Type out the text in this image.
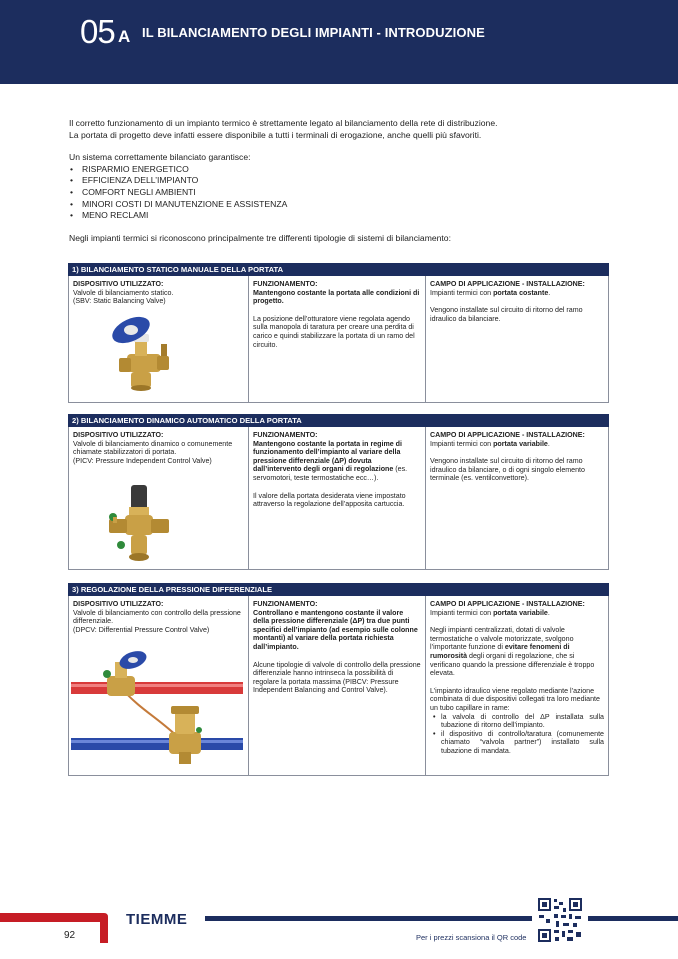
05 A IL BILANCIAMENTO DEGLI IMPIANTI - INTRODUZIONE

Il corretto funzionamento di un impianto termico è strettamente legato al bilanciamento della rete di distribuzione.

La portata di progetto deve infatti essere disponibile a tutti i terminali di erogazione, anche quelli più sfavoriti.

Un sistema correttamente bilanciato garantisce:

• RISPARMIO ENERGETICO
• EFFICIENZA DELL’IMPIANTO
• COMFORT NEGLI AMBIENTI
• MINORI COSTI DI MANUTENZIONE E ASSISTENZA
• MENO RECLAMI

Negli impianti termici si riconoscono principalmente tre differenti tipologie di sistemi di bilanciamento:

1) BILANCIAMENTO STATICO MANUALE DELLA PORTATA
DISPOSITIVO UTILIZZATO:
Valvole di bilanciamento statico.
(SBV: Static Balancing Valve)
FUNZIONAMENTO:
Mantengono costante la portata alle condizioni di progetto.
La posizione dell’otturatore viene regolata agendo sulla manopola di taratura per creare una perdita di carico e quindi stabilizzare la portata di un ramo del circuito.
CAMPO DI APPLICAZIONE - INSTALLAZIONE:
Impianti termici con portata costante.
Vengono installate sul circuito di ritorno del ramo idraulico da bilanciare.
2) BILANCIAMENTO DINAMICO AUTOMATICO DELLA PORTATA
DISPOSITIVO UTILIZZATO:
Valvole di bilanciamento dinamico o comunemente chiamate stabilizzatori di portata.
(PICV: Pressure Independent Control Valve)
FUNZIONAMENTO:
Mantengono costante la portata in regime di funzionamento dell’impianto al variare della pressione differenziale (ΔP) dovuta dall’intervento degli organi di regolazione (es. servomotori, teste termostatiche ecc…).
Il valore della portata desiderata viene impostato attraverso la regolazione dell’apposita cartuccia.
CAMPO DI APPLICAZIONE - INSTALLAZIONE:
Impianti termici con portata variabile.
Vengono installate sul circuito di ritorno del ramo idraulico da bilanciare, o di ogni singolo elemento terminale (es. ventilconvettore).
3) REGOLAZIONE DELLA PRESSIONE DIFFERENZIALE
DISPOSITIVO UTILIZZATO:
Valvole di bilanciamento con controllo della pressione differenziale.
(DPCV: Differential Pressure Control Valve)
FUNZIONAMENTO:
Controllano e mantengono costante il valore della pressione differenziale (ΔP) tra due punti specifici dell’impianto (ad esempio sulle colonne montanti) al variare della portata richiesta dall’impianto.
Alcune tipologie di valvole di controllo della pressione differenziale hanno intrinseca la possibilità di regolare la portata massima (PIBCV: Pressure Independent Balancing and Control Valve).
CAMPO DI APPLICAZIONE - INSTALLAZIONE:
Impianti termici con portata variabile.
Negli impianti centralizzati, dotati di valvole termostatiche o valvole motorizzate, svolgono l’importante funzione di evitare fenomeni di rumorosità degli organi di regolazione, che si verificano quando la pressione differenziale è troppo elevata.
L’impianto idraulico viene regolato mediante l’azione combinata di due dispositivi collegati tra loro mediante un tubo capillare in rame:
• la valvola di controllo del ΔP installata sulla tubazione di ritorno dell’impianto.
• il dispositivo di controllo/taratura (comunemente chiamato “valvola partner”) installato sulla tubazione di mandata.
TIEMME
92	Per i prezzi scansiona il QR code
